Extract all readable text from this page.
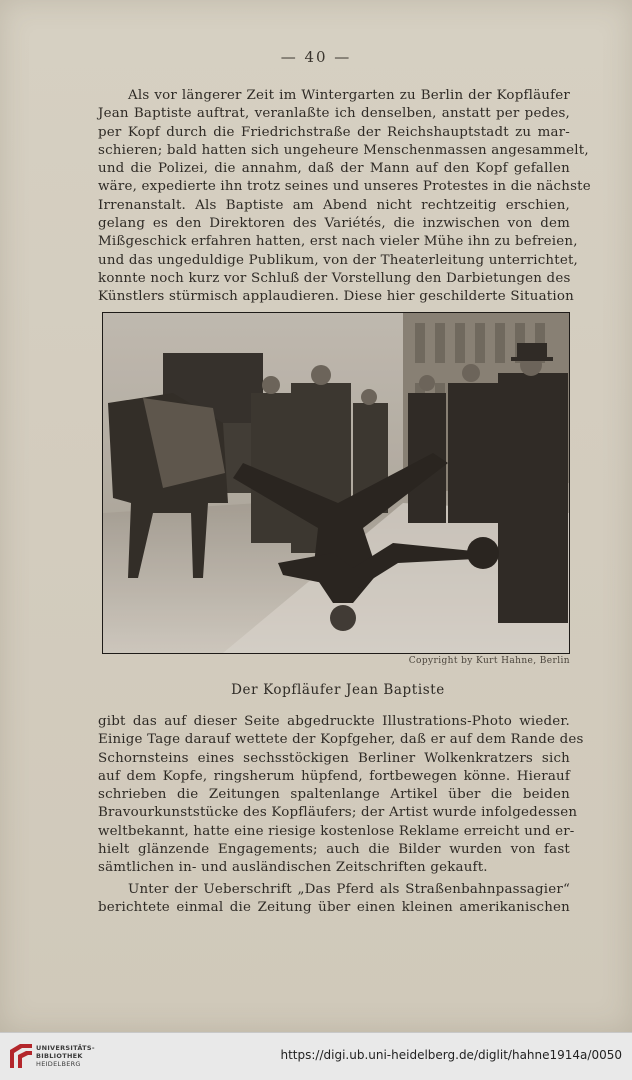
— 40 —
Als vor längerer Zeit im Wintergarten zu Berlin der Kopfläufer
Jean Baptiste auftrat, veranlaßte ich denselben, anstatt per pedes,
per Kopf durch die Friedrichstraße der Reichshauptstadt zu mar-
schieren; bald hatten sich ungeheure Menschenmassen angesammelt,
und die Polizei, die annahm, daß der Mann auf den Kopf gefallen
wäre, expedierte ihn trotz seines und unseres Protestes in die nächste
Irrenanstalt. Als Baptiste am Abend nicht rechtzeitig erschien,
gelang es den Direktoren des Variétés, die inzwischen von dem
Mißgeschick erfahren hatten, erst nach vieler Mühe ihn zu befreien,
und das ungeduldige Publikum, von der Theaterleitung unterrichtet,
konnte noch kurz vor Schluß der Vorstellung den Darbietungen des
Künstlers stürmisch applaudieren. Diese hier geschilderte Situation
Copyright by Kurt Hahne, Berlin
Der Kopfläufer Jean Baptiste
gibt das auf dieser Seite abgedruckte Illustrations-Photo wieder.
Einige Tage darauf wettete der Kopfgeher, daß er auf dem Rande des
Schornsteins eines sechsstöckigen Berliner Wolkenkratzers sich
auf dem Kopfe, ringsherum hüpfend, fortbewegen könne. Hierauf
schrieben die Zeitungen spaltenlange Artikel über die beiden
Bravourkunststücke des Kopfläufers; der Artist wurde infolgedessen
weltbekannt, hatte eine riesige kostenlose Reklame erreicht und er-
hielt glänzende Engagements; auch die Bilder wurden von fast
sämtlichen in- und ausländischen Zeitschriften gekauft.
Unter der Ueberschrift „Das Pferd als Straßenbahnpassagier“
berichtete einmal die Zeitung über einen kleinen amerikanischen
UNIVERSITÄTS-
BIBLIOTHEK
HEIDELBERG
https://digi.ub.uni-heidelberg.de/diglit/hahne1914a/0050
